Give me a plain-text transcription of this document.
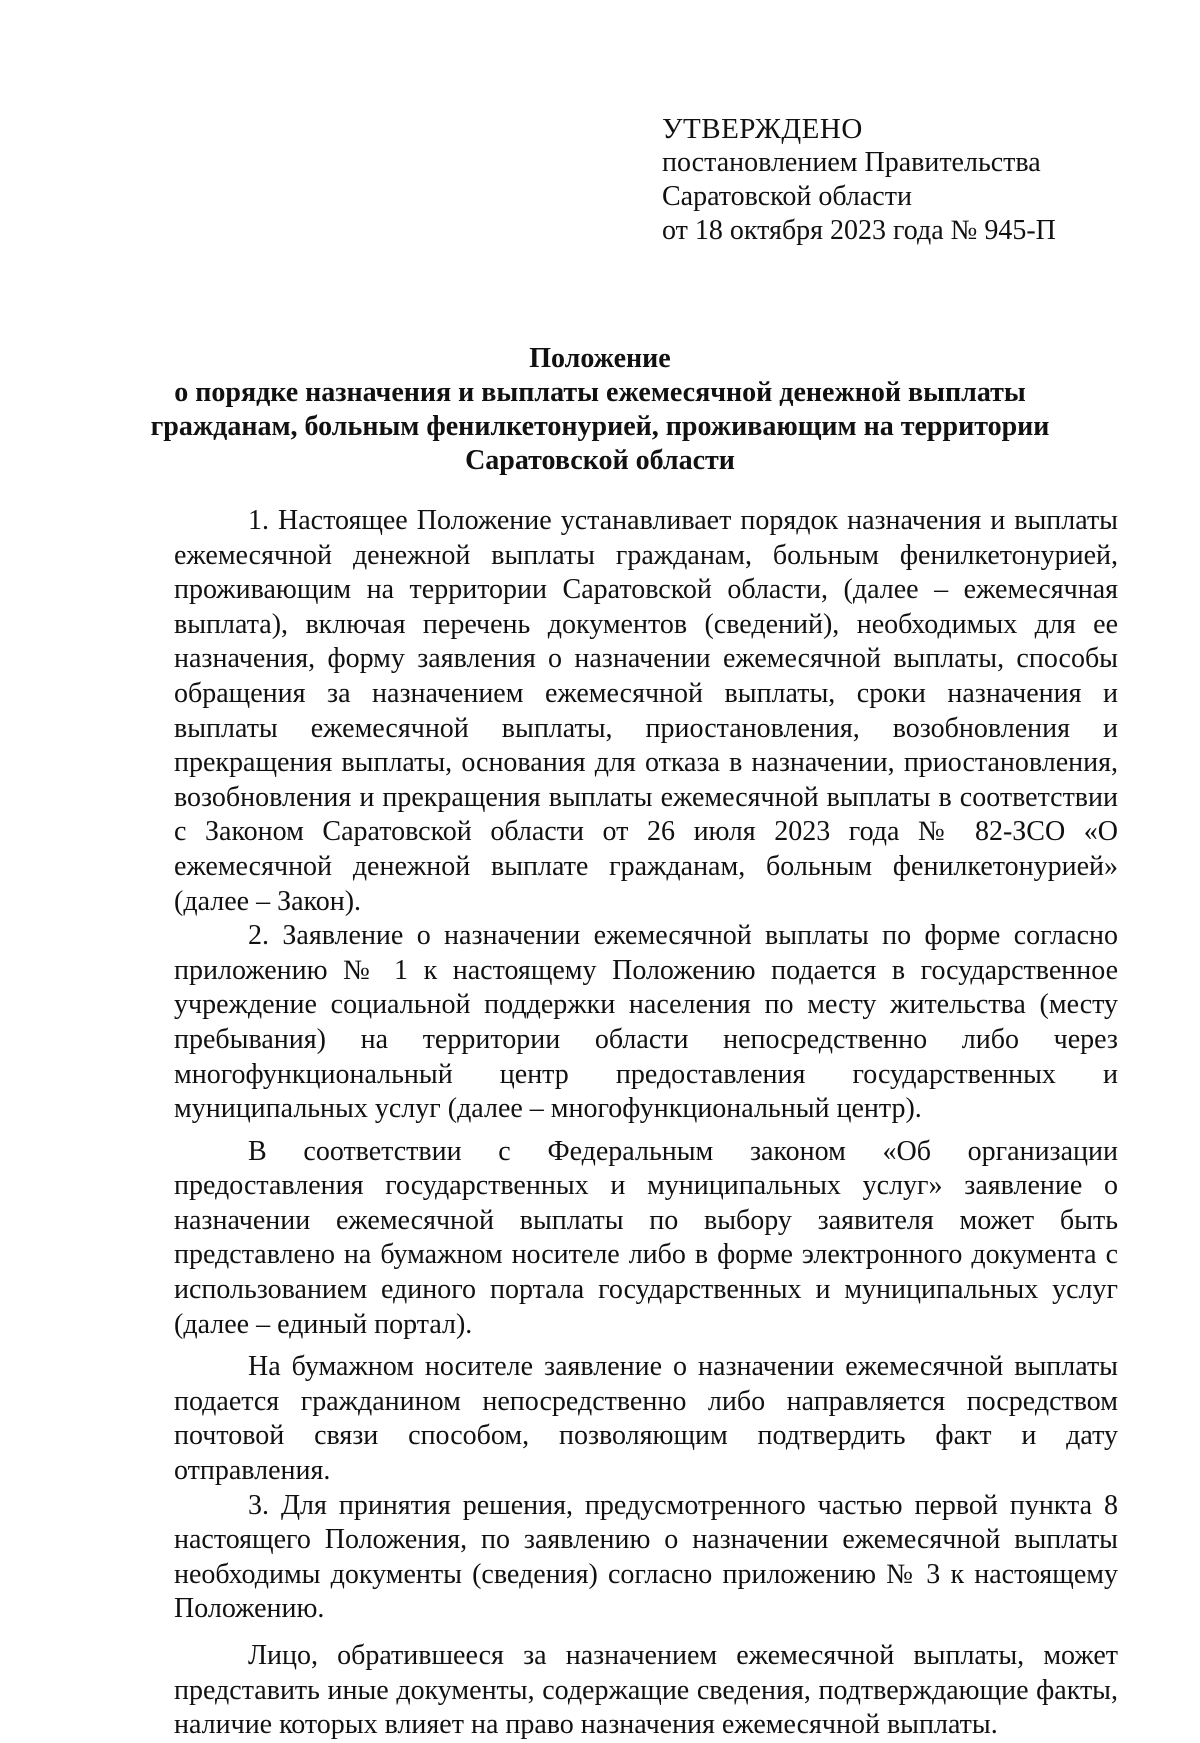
УТВЕРЖДЕНО
постановлением Правительства
Саратовской области
от 18 октября 2023 года № 945-П
Положение
о порядке назначения и выплаты ежемесячной денежной выплаты
гражданам, больным фенилкетонурией, проживающим на территории
Саратовской области

1. Настоящее Положение устанавливает порядок назначения и выплаты ежемесячной денежной выплаты гражданам, больным фенилкетонурией, проживающим на территории Саратовской области, (далее – ежемесячная выплата), включая перечень документов (сведений), необходимых для ее назначения, форму заявления о назначении ежемесячной выплаты, способы обращения за назначением ежемесячной выплаты, сроки назначения и выплаты ежемесячной выплаты, приостановления, возобновления и прекращения выплаты, основания для отказа в назначении, приостановления, возобновления и прекращения выплаты ежемесячной выплаты в соответствии с Законом Саратовской области от 26 июля 2023 года № 82-ЗСО «О ежемесячной денежной выплате гражданам, больным фенилкетонурией» (далее – Закон).

2. Заявление о назначении ежемесячной выплаты по форме согласно приложению № 1 к настоящему Положению подается в государственное учреждение социальной поддержки населения по месту жительства (месту пребывания) на территории области непосредственно либо через многофункциональный центр предоставления государственных и муниципальных услуг (далее – многофункциональный центр).

В соответствии с Федеральным законом «Об организации предоставления государственных и муниципальных услуг» заявление о назначении ежемесячной выплаты по выбору заявителя может быть представлено на бумажном носителе либо в форме электронного документа с использованием единого портала государственных и муниципальных услуг (далее – единый портал).

На бумажном носителе заявление о назначении ежемесячной выплаты подается гражданином непосредственно либо направляется посредством почтовой связи способом, позволяющим подтвердить факт и дату отправления.

3. Для принятия решения, предусмотренного частью первой пункта 8 настоящего Положения, по заявлению о назначении ежемесячной выплаты необходимы документы (сведения) согласно приложению № 3 к настоящему Положению.

Лицо, обратившееся за назначением ежемесячной выплаты, может представить иные документы, содержащие сведения, подтверждающие факты, наличие которых влияет на право назначения ежемесячной выплаты.
